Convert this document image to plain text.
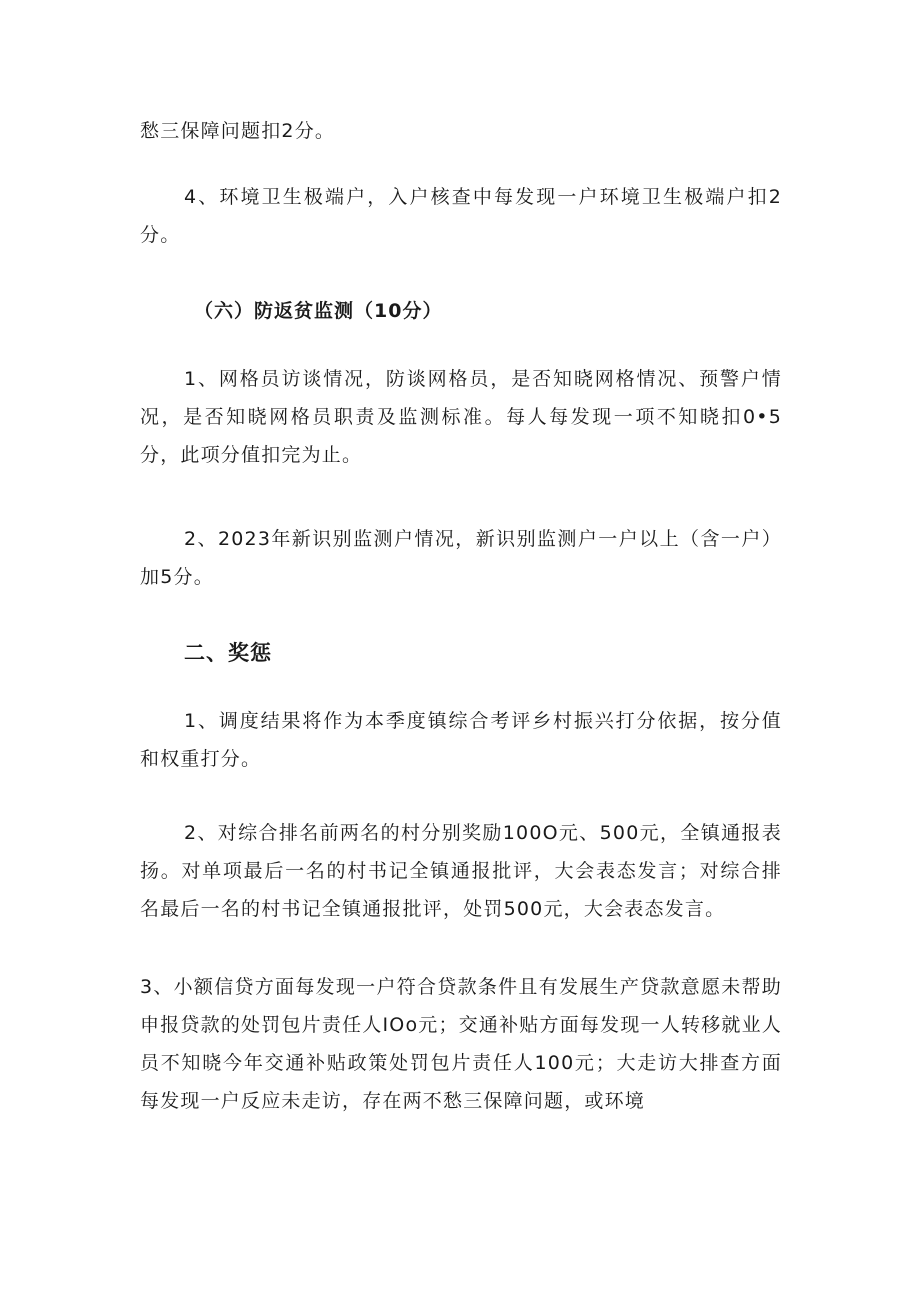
愁三保障问题扣2分。

4、环境卫生极端户，入户核查中每发现一户环境卫生极端户扣2分。

（六）防返贫监测（10分）

1、网格员访谈情况，防谈网格员，是否知晓网格情况、预警户情况，是否知晓网格员职责及监测标准。每人每发现一项不知晓扣0•5分，此项分值扣完为止。

2、2023年新识别监测户情况，新识别监测户一户以上（含一户）加5分。

二、奖惩

1、调度结果将作为本季度镇综合考评乡村振兴打分依据，按分值和权重打分。

2、对综合排名前两名的村分别奖励100O元、500元，全镇通报表扬。对单项最后一名的村书记全镇通报批评，大会表态发言；对综合排名最后一名的村书记全镇通报批评，处罚500元，大会表态发言。

3、小额信贷方面每发现一户符合贷款条件且有发展生产贷款意愿未帮助申报贷款的处罚包片责任人IOo元；交通补贴方面每发现一人转移就业人员不知晓今年交通补贴政策处罚包片责任人100元；大走访大排查方面每发现一户反应未走访，存在两不愁三保障问题，或环境
